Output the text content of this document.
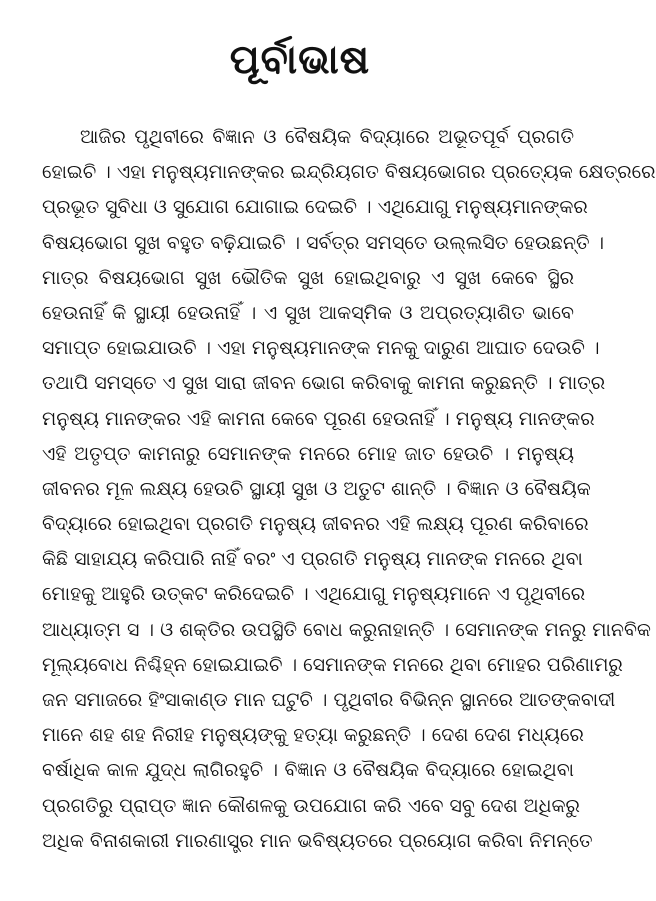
ପୂର୍ବାଭାଷ
ଆଜିର ପୃଥିବୀରେ ବିଜ୍ଞାନ ଓ ବୈଷୟିକ ବିଦ୍ୟାରେ ଅଭୂତପୂର୍ବ ପ୍ରଗତି
ହୋଇଚି । ଏହା ମନୁଷ୍ୟମାନଙ୍କର ଇନ୍ଦ୍ରିୟଗତ ବିଷୟଭୋଗର ପ୍ରତ୍ୟେକ କ୍ଷେତ୍ରରେ
ପ୍ରଭୂତ ସୁବିଧା ଓ ସୁଯୋଗ ଯୋଗାଇ ଦେଇଚି । ଏଥିଯୋଗୁ ମନୁଷ୍ୟମାନଙ୍କର
ବିଷୟଭୋଗ ସୁଖ ବହୁତ ବଢ଼ିଯାଇଚି । ସର୍ବତ୍ର ସମସ୍ତେ ଉଲ୍ଲସିତ ହେଉଛନ୍ତି ।
ମାତ୍ର ବିଷୟଭୋଗ ସୁଖ ଭୌତିକ ସୁଖ ହୋଇଥିବାରୁ ଏ ସୁଖ କେବେ ସ୍ଥିର
ହେଉନାହିଁ କି ସ୍ଥାୟୀ ହେଉନାହିଁ । ଏ ସୁଖ ଆକସ୍ମିକ ଓ ଅପ୍ରତ୍ୟାଶିତ ଭାବେ
ସମାପ୍ତ ହୋଇଯାଉଚି । ଏହା ମନୁଷ୍ୟମାନଙ୍କ ମନକୁ ଦାରୁଣ ଆଘାତ ଦେଉଚି ।
ତଥାପି ସମସ୍ତେ ଏ ସୁଖ ସାରା ଜୀବନ ଭୋଗ କରିବାକୁ କାମନା କରୁଛନ୍ତି । ମାତ୍ର
ମନୁଷ୍ୟ ମାନଙ୍କର ଏହି କାମନା କେବେ ପୂରଣ ହେଉନାହିଁ । ମନୁଷ୍ୟ ମାନଙ୍କର
ଏହି ଅତୃପ୍ତ କାମନାରୁ ସେମାନଙ୍କ ମନରେ ମୋହ ଜାତ ହେଉଚି । ମନୁଷ୍ୟ
ଜୀବନର ମୂଳ ଲକ୍ଷ୍ୟ ହେଉଚି ସ୍ଥାୟୀ ସୁଖ ଓ ଅତୁଟ ଶାନ୍ତି । ବିଜ୍ଞାନ ଓ ବୈଷୟିକ
ବିଦ୍ୟାରେ ହୋଇଥିବା ପ୍ରଗତି ମନୁଷ୍ୟ ଜୀବନର ଏହି ଲକ୍ଷ୍ୟ ପୂରଣ କରିବାରେ
କିଛି ସାହାଯ୍ୟ କରିପାରି ନାହିଁ ବରଂ ଏ ପ୍ରଗତି ମନୁଷ୍ୟ ମାନଙ୍କ ମନରେ ଥିବା
ମୋହକୁ ଆହୁରି ଉତ୍କଟ କରିଦେଇଚି । ଏଥିଯୋଗୁ ମନୁଷ୍ୟମାନେ ଏ ପୃଥିବୀରେ
ଆଧ୍ୟାତ୍ମ ସ । ଓ ଶକ୍ତିର ଉପସ୍ଥିତି ବୋଧ କରୁନାହାନ୍ତି । ସେମାନଙ୍କ ମନରୁ ମାନବିକ
ମୂଲ୍ୟବୋଧ ନିଶ୍ଚିହ୍ନ ହୋଇଯାଇଚି । ସେମାନଙ୍କ ମନରେ ଥିବା ମୋହର ପରିଣାମରୁ
ଜନ ସମାଜରେ ହିଂସାକାଣ୍ଡ ମାନ ଘଟୁଚି । ପୃଥିବୀର ବିଭିନ୍ନ ସ୍ଥାନରେ ଆତଙ୍କବାଦୀ
ମାନେ ଶହ ଶହ ନିରୀହ ମନୁଷ୍ୟଙ୍କୁ ହତ୍ୟା କରୁଛନ୍ତି । ଦେଶ ଦେଶ ମଧ୍ୟରେ
ବର୍ଷାଧିକ କାଳ ଯୁଦ୍ଧ ଲାଗିରହୁଚି । ବିଜ୍ଞାନ ଓ ବୈଷୟିକ ବିଦ୍ୟାରେ ହୋଇଥିବା
ପ୍ରଗତିରୁ ପ୍ରାପ୍ତ ଜ୍ଞାନ କୌଶଳକୁ ଉପଯୋଗ କରି ଏବେ ସବୁ ଦେଶ ଅଧିକରୁ
ଅଧିକ ବିନାଶକାରୀ ମାରଣାସ୍ତ୍ର ମାନ ଭବିଷ୍ୟତରେ ପ୍ରୟୋଗ କରିବା ନିମନ୍ତେ
